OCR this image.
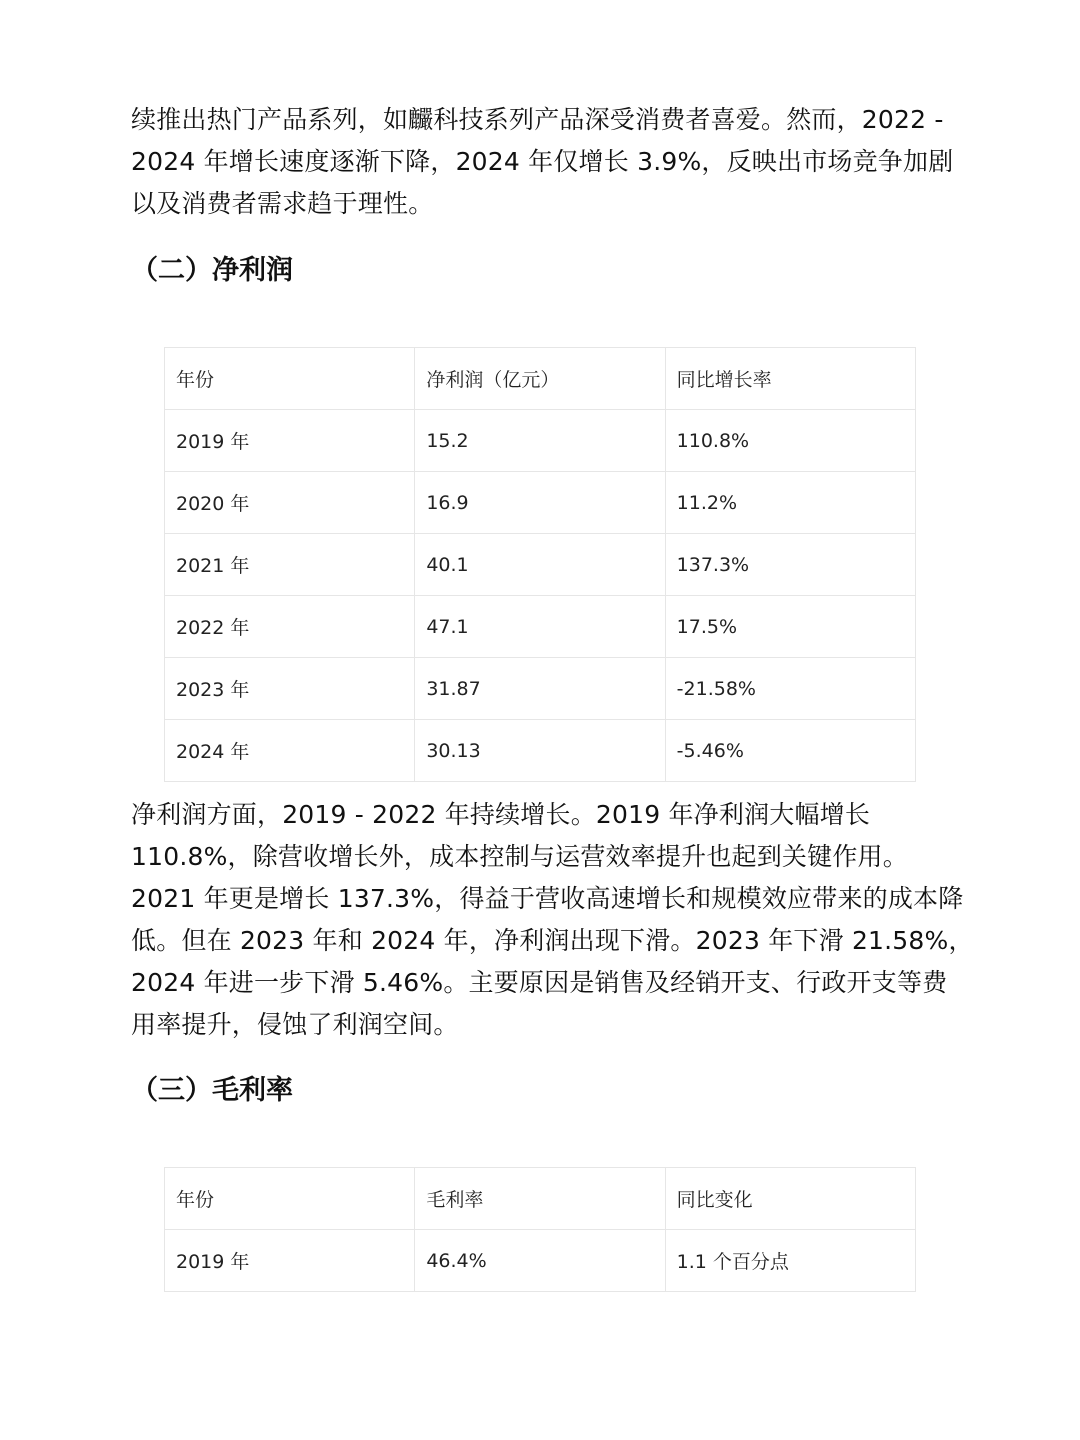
续推出热门产品系列，如麣科技系列产品深受消费者喜爱。然而，2022 -
2024 年增长速度逐渐下降，2024 年仅增长 3.9%，反映出市场竞争加剧
以及消费者需求趋于理性。

（二）净利润
年份	净利润（亿元）	同比增长率
2019 年	15.2	110.8%
2020 年	16.9	11.2%
2021 年	40.1	137.3%
2022 年	47.1	17.5%
2023 年	31.87	-21.58%
2024 年	30.13	-5.46%

净利润方面，2019 - 2022 年持续增长。2019 年净利润大幅增长
110.8%，除营收增长外，成本控制与运营效率提升也起到关键作用。
2021 年更是增长 137.3%，得益于营收高速增长和规模效应带来的成本降
低。但在 2023 年和 2024 年，净利润出现下滑。2023 年下滑 21.58%，
2024 年进一步下滑 5.46%。主要原因是销售及经销开支、行政开支等费
用率提升，侵蚀了利润空间。

（三）毛利率
年份	毛利率	同比变化
2019 年	46.4%	1.1 个百分点
